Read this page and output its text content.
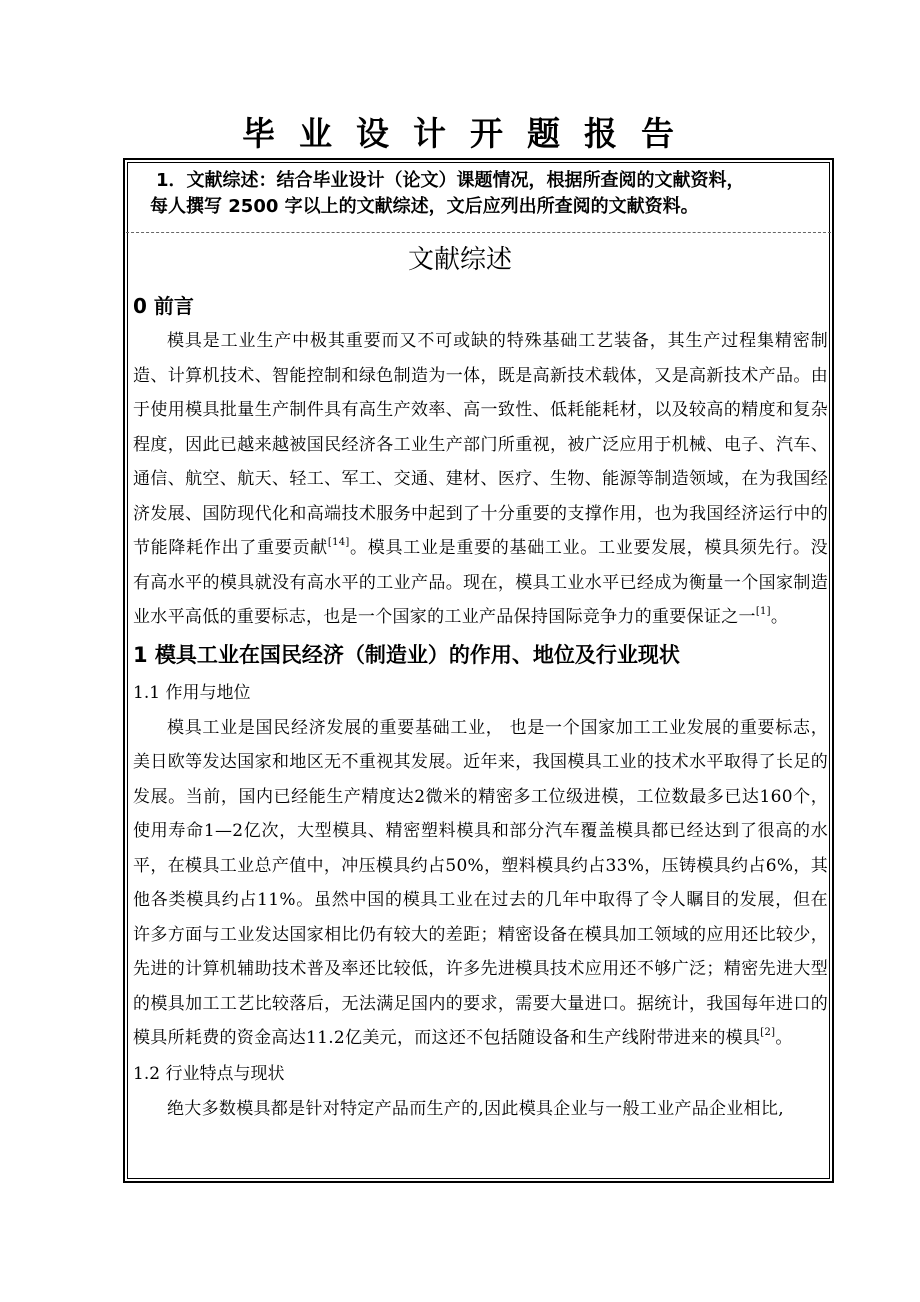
毕业设计开题报告
1．文献综述：结合毕业设计（论文）课题情况，根据所查阅的文献资料，
每人撰写 2500 字以上的文献综述，文后应列出所查阅的文献资料。
文献综述

0 前言

模具是工业生产中极其重要而又不可或缺的特殊基础工艺装备，其生产过程集精密制造、计算机技术、智能控制和绿色制造为一体，既是高新技术载体，又是高新技术产品。由于使用模具批量生产制件具有高生产效率、高一致性、低耗能耗材，以及较高的精度和复杂程度，因此已越来越被国民经济各工业生产部门所重视，被广泛应用于机械、电子、汽车、通信、航空、航天、轻工、军工、交通、建材、医疗、生物、能源等制造领域，在为我国经济发展、国防现代化和高端技术服务中起到了十分重要的支撑作用，也为我国经济运行中的节能降耗作出了重要贡献[14]。模具工业是重要的基础工业。工业要发展，模具须先行。没有高水平的模具就没有高水平的工业产品。现在，模具工业水平已经成为衡量一个国家制造业水平高低的重要标志，也是一个国家的工业产品保持国际竞争力的重要保证之一[1]。

1 模具工业在国民经济（制造业）的作用、地位及行业现状

1.1 作用与地位

模具工业是国民经济发展的重要基础工业， 也是一个国家加工工业发展的重要标志， 美日欧等发达国家和地区无不重视其发展。近年来，我国模具工业的技术水平取得了长足的发展。当前，国内已经能生产精度达2微米的精密多工位级进模，工位数最多已达160个，使用寿命1—2亿次，大型模具、精密塑料模具和部分汽车覆盖模具都已经达到了很高的水平，在模具工业总产值中，冲压模具约占50%，塑料模具约占33%，压铸模具约占6%，其他各类模具约占11%。虽然中国的模具工业在过去的几年中取得了令人瞩目的发展，但在许多方面与工业发达国家相比仍有较大的差距；精密设备在模具加工领域的应用还比较少，先进的计算机辅助技术普及率还比较低，许多先进模具技术应用还不够广泛；精密先进大型的模具加工工艺比较落后，无法满足国内的要求，需要大量进口。据统计，我国每年进口的模具所耗费的资金高达11.2亿美元，而这还不包括随设备和生产线附带进来的模具[2]。

1.2 行业特点与现状

绝大多数模具都是针对特定产品而生产的,因此模具企业与一般工业产品企业相比,
